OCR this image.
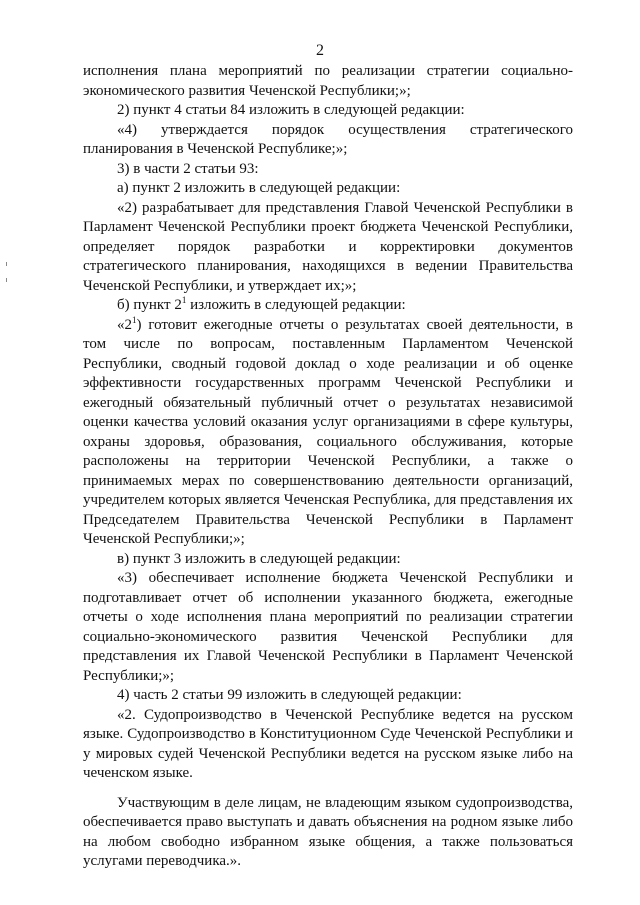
2

исполнения плана мероприятий по реализации стратегии социально-экономического развития Чеченской Республики;»;

2) пункт 4 статьи 84 изложить в следующей редакции:

«4) утверждается порядок осуществления стратегического планирования в Чеченской Республике;»;

3) в части 2 статьи 93:

а) пункт 2 изложить в следующей редакции:

«2) разрабатывает для представления Главой Чеченской Республики в Парламент Чеченской Республики проект бюджета Чеченской Республики, определяет порядок разработки и корректировки документов стратегического планирования, находящихся в ведении Правительства Чеченской Республики, и утверждает их;»;

б) пункт $2^1$ изложить в следующей редакции:

«$2^1$) готовит ежегодные отчеты о результатах своей деятельности, в том числе по вопросам, поставленным Парламентом Чеченской Республики, сводный годовой доклад о ходе реализации и об оценке эффективности государственных программ Чеченской Республики и ежегодный обязательный публичный отчет о результатах независимой оценки качества условий оказания услуг организациями в сфере культуры, охраны здоровья, образования, социального обслуживания, которые расположены на территории Чеченской Республики, а также о принимаемых мерах по совершенствованию деятельности организаций, учредителем которых является Чеченская Республика, для представления их Председателем Правительства Чеченской Республики в Парламент Чеченской Республики;»;

в) пункт 3 изложить в следующей редакции:

«3) обеспечивает исполнение бюджета Чеченской Республики и подготавливает отчет об исполнении указанного бюджета, ежегодные отчеты о ходе исполнения плана мероприятий по реализации стратегии социально-экономического развития Чеченской Республики для представления их Главой Чеченской Республики в Парламент Чеченской Республики;»;

4) часть 2 статьи 99 изложить в следующей редакции:

«2. Судопроизводство в Чеченской Республике ведется на русском языке. Судопроизводство в Конституционном Суде Чеченской Республики и у мировых судей Чеченской Республики ведется на русском языке либо на чеченском языке.

Участвующим в деле лицам, не владеющим языком судопроизводства, обеспечивается право выступать и давать объяснения на родном языке либо на любом свободно избранном языке общения, а также пользоваться услугами переводчика.».
